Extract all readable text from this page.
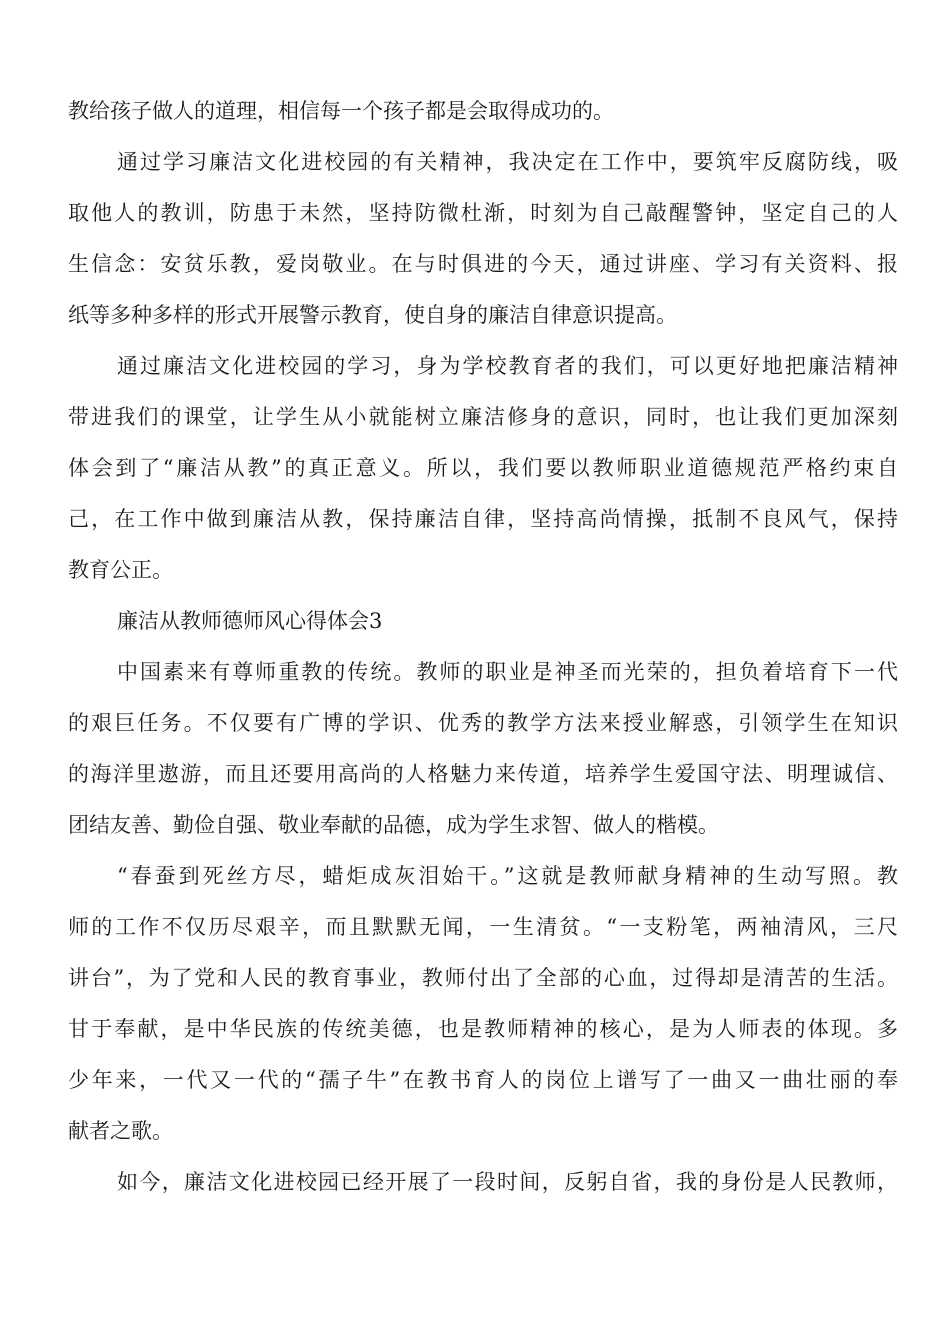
教给孩子做人的道理，相信每一个孩子都是会取得成功的。
通过学习廉洁文化进校园的有关精神，我决定在工作中，要筑牢反腐防线，吸
取他人的教训，防患于未然，坚持防微杜渐，时刻为自己敲醒警钟，坚定自己的人
生信念：安贫乐教，爱岗敬业。在与时俱进的今天，通过讲座、学习有关资料、报
纸等多种多样的形式开展警示教育，使自身的廉洁自律意识提高。
通过廉洁文化进校园的学习，身为学校教育者的我们，可以更好地把廉洁精神
带进我们的课堂，让学生从小就能树立廉洁修身的意识，同时，也让我们更加深刻
体会到了“廉洁从教”的真正意义。所以，我们要以教师职业道德规范严格约束自
己，在工作中做到廉洁从教，保持廉洁自律，坚持高尚情操，抵制不良风气，保持
教育公正。
廉洁从教师德师风心得体会3
中国素来有尊师重教的传统。教师的职业是神圣而光荣的，担负着培育下一代
的艰巨任务。不仅要有广博的学识、优秀的教学方法来授业解惑，引领学生在知识
的海洋里遨游，而且还要用高尚的人格魅力来传道，培养学生爱国守法、明理诚信、
团结友善、勤俭自强、敬业奉献的品德，成为学生求智、做人的楷模。
“春蚕到死丝方尽，蜡炬成灰泪始干。”这就是教师献身精神的生动写照。教
师的工作不仅历尽艰辛，而且默默无闻，一生清贫。“一支粉笔，两袖清风，三尺
讲台”，为了党和人民的教育事业，教师付出了全部的心血，过得却是清苦的生活。
甘于奉献，是中华民族的传统美德，也是教师精神的核心，是为人师表的体现。多
少年来，一代又一代的“孺子牛”在教书育人的岗位上谱写了一曲又一曲壮丽的奉
献者之歌。
如今，廉洁文化进校园已经开展了一段时间，反躬自省，我的身份是人民教师，
